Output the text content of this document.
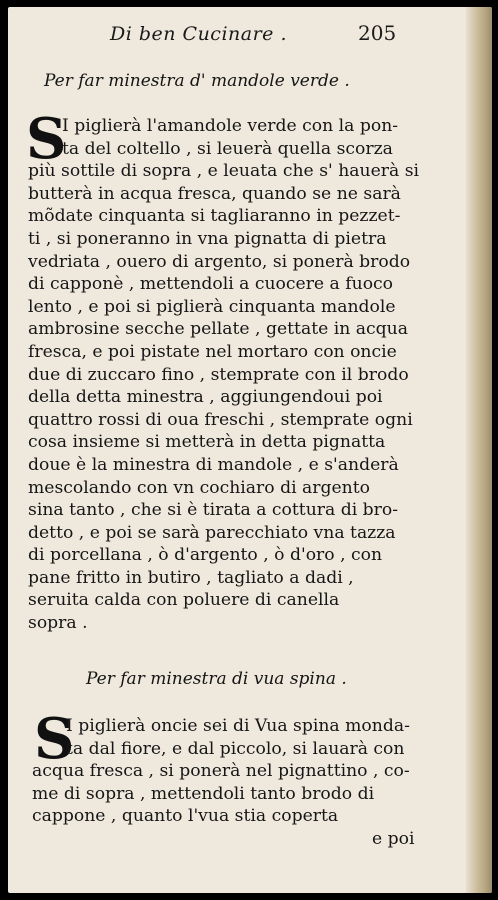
Di ben Cucinare .	205
Per far minestra d' mandole verde .
S
I piglierà l'amandole verde con la pon-
ta del coltello , si leuerà quella scorza
più sottile di sopra , e leuata che s' hauerà si
butterà in acqua fresca, quando se ne sarà
mõdate cinquanta si tagliaranno in pezzet-
ti , si poneranno in vna pignatta di pietra
vedriata , ouero di argento, si ponerà brodo
di capponè , mettendoli a cuocere a fuoco
lento , e poi si piglierà cinquanta mandole
ambrosine secche pellate , gettate in acqua
fresca, e poi pistate nel mortaro con oncie
due di zuccaro fino , stemprate con il brodo
della detta minestra , aggiungendoui poi
quattro rossi di oua freschi , stemprate ogni
cosa insieme si metterà in detta pignatta
doue è la minestra di mandole , e s'anderà
mescolando con vn cochiaro di argento
sina tanto , che si è tirata a cottura di bro-
detto , e poi se sarà parecchiato vna tazza
di porcellana , ò d'argento , ò d'oro , con
pane fritto in butiro , tagliato a dadi ,
seruita calda con poluere di canella
sopra .
Per far minestra di vua spina .
S
I piglierà oncie sei di Vua spina monda-
ta dal fiore, e dal piccolo, si lauarà con
acqua fresca , si ponerà nel pignattino , co-
me di sopra , mettendoli tanto brodo di
cappone , quanto l'vua stia coperta
e poi
